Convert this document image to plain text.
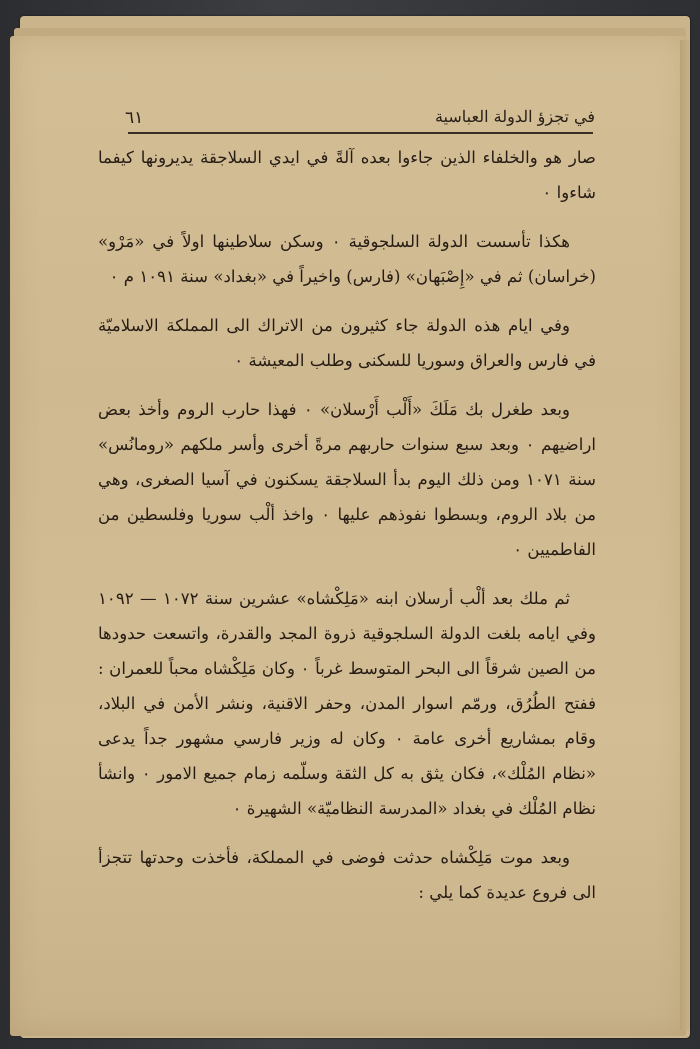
٦١	في تجزؤ الدولة العباسية

صار هو والخلفاء الذين جاءوا بعده آلةً في ايدي السلاجقة يديرونها كيفما شاءوا ٠

هكذا تأسست الدولة السلجوقية ٠ وسكن سلاطينها اولاً في «مَرْو» (خراسان) ثم في «إِصْبَهان» (فارس) واخيراً في «بغداد» سنة ١٠٩١ م ٠

وفي ايام هذه الدولة جاء كثيرون من الاتراك الى المملكة الاسلاميّة في فارس والعراق وسوريا للسكنى وطلب المعيشة ٠

وبعد طغرل بك مَلَكَ «أَلْب أَرْسلان» ٠ فهذا حارب الروم وأخذ بعض اراضيهم ٠ وبعد سبع سنوات حاربهم مرةً أخرى وأسر ملكهم «رومانُس» سنة ١٠٧١ ومن ذلك اليوم بدأ السلاجقة يسكنون في آسيا الصغرى، وهي من بلاد الروم، وبسطوا نفوذهم عليها ٠ واخذ ألْب سوريا وفلسطين من الفاطميين ٠

ثم ملك بعد ألْب أرسلان ابنه «مَلِكْشاه» عشرين سنة ١٠٧٢ — ١٠٩٢ وفي ايامه بلغت الدولة السلجوقية ذروة المجد والقدرة، واتسعت حدودها من الصين شرقاً الى البحر المتوسط غرباً ٠ وكان مَلِكْشاه محباً للعمران : ففتح الطُرُق، ورمّم اسوار المدن، وحفر الاقنية، ونشر الأمن في البلاد، وقام بمشاريع أخرى عامة ٠ وكان له وزير فارسي مشهور جداً يدعى «نظام المُلْك»، فكان يثق به كل الثقة وسلّمه زمام جميع الامور ٠ وانشأ نظام المُلْك في بغداد «المدرسة النظاميّة» الشهيرة ٠

وبعد موت مَلِكْشاه حدثت فوضى في المملكة، فأخذت وحدتها تتجزأ الى فروع عديدة كما يلي :
